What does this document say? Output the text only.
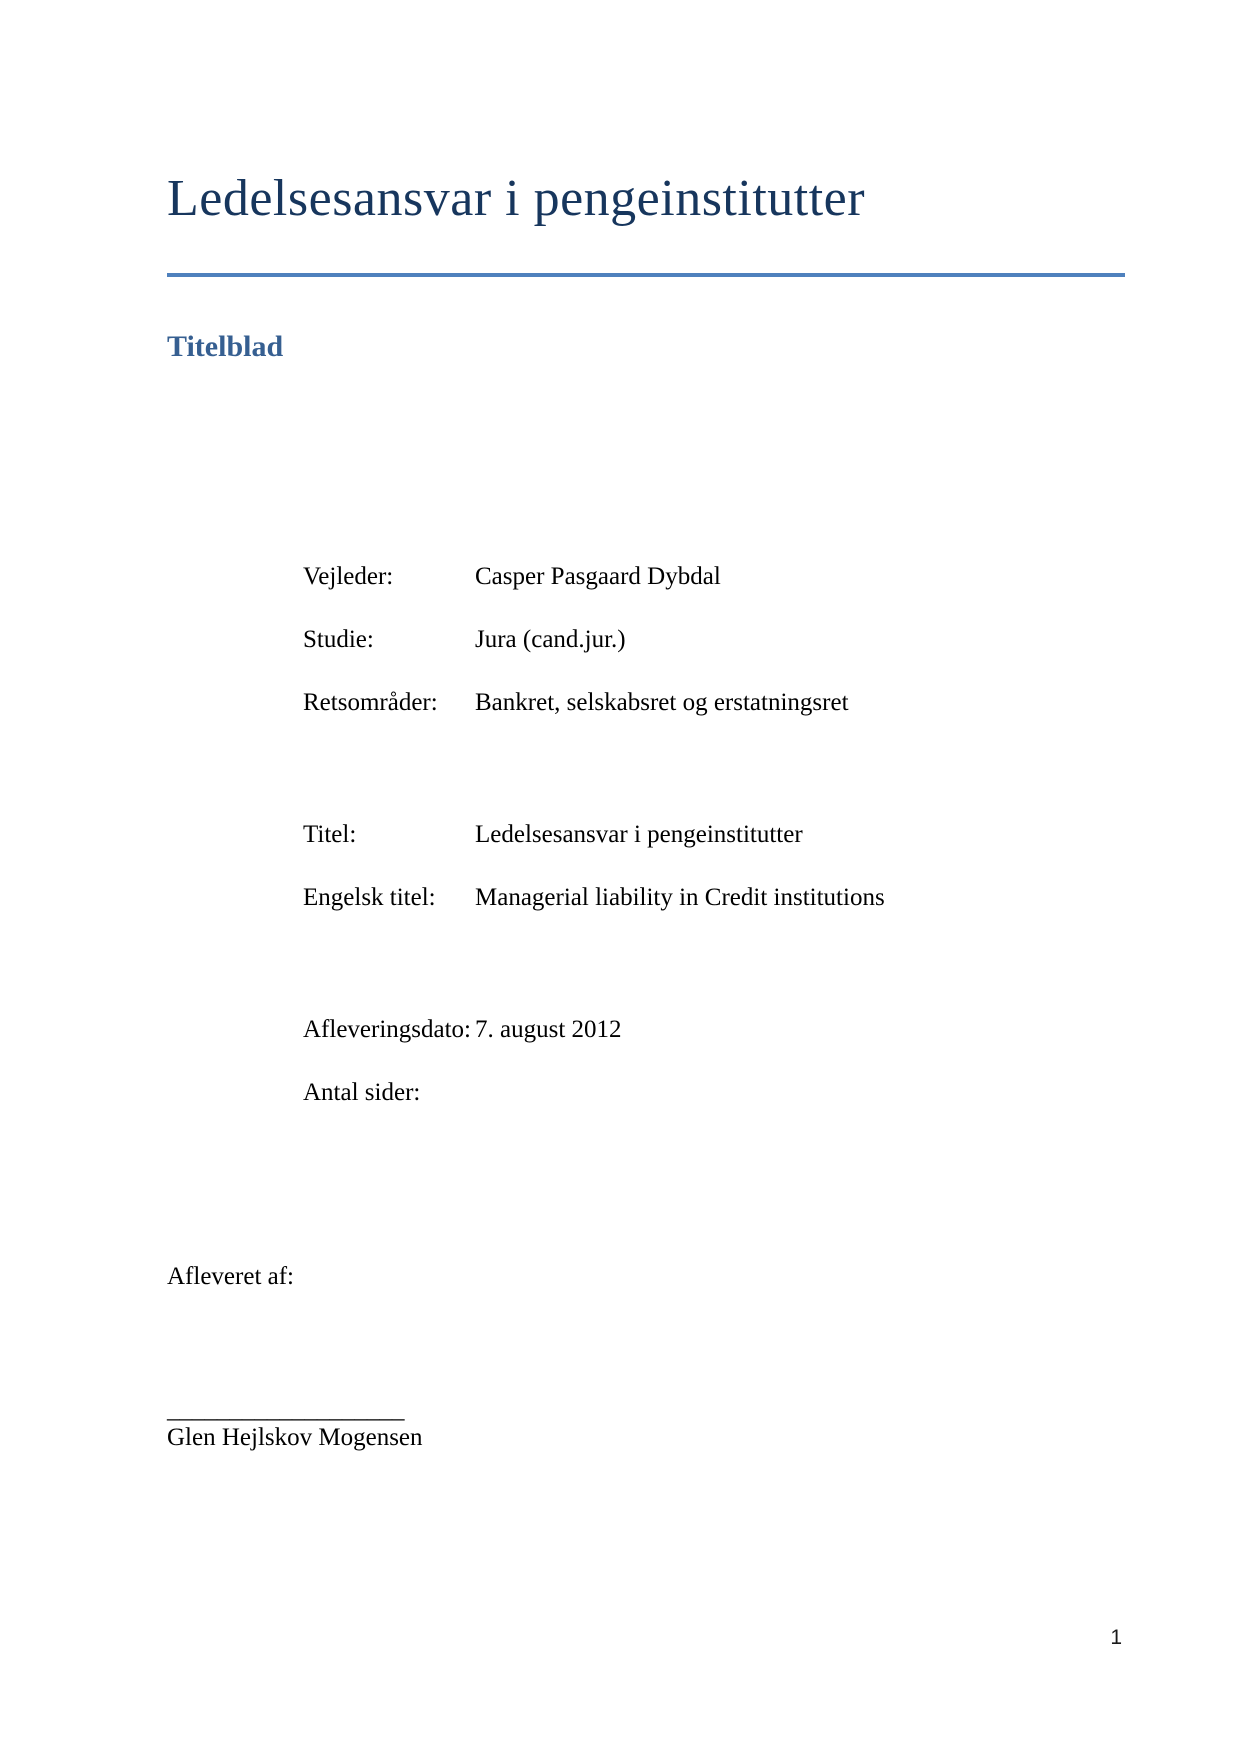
Ledelsesansvar i pengeinstitutter
Titelblad
Vejleder:	Casper Pasgaard Dybdal
Studie:	Jura (cand.jur.)
Retsområder:	Bankret, selskabsret og erstatningsret
Titel:	Ledelsesansvar i pengeinstitutter
Engelsk titel:	Managerial liability in Credit institutions
Afleveringsdato: 7. august 2012
Antal sider:
Afleveret af:
___________________
Glen Hejlskov Mogensen
1
